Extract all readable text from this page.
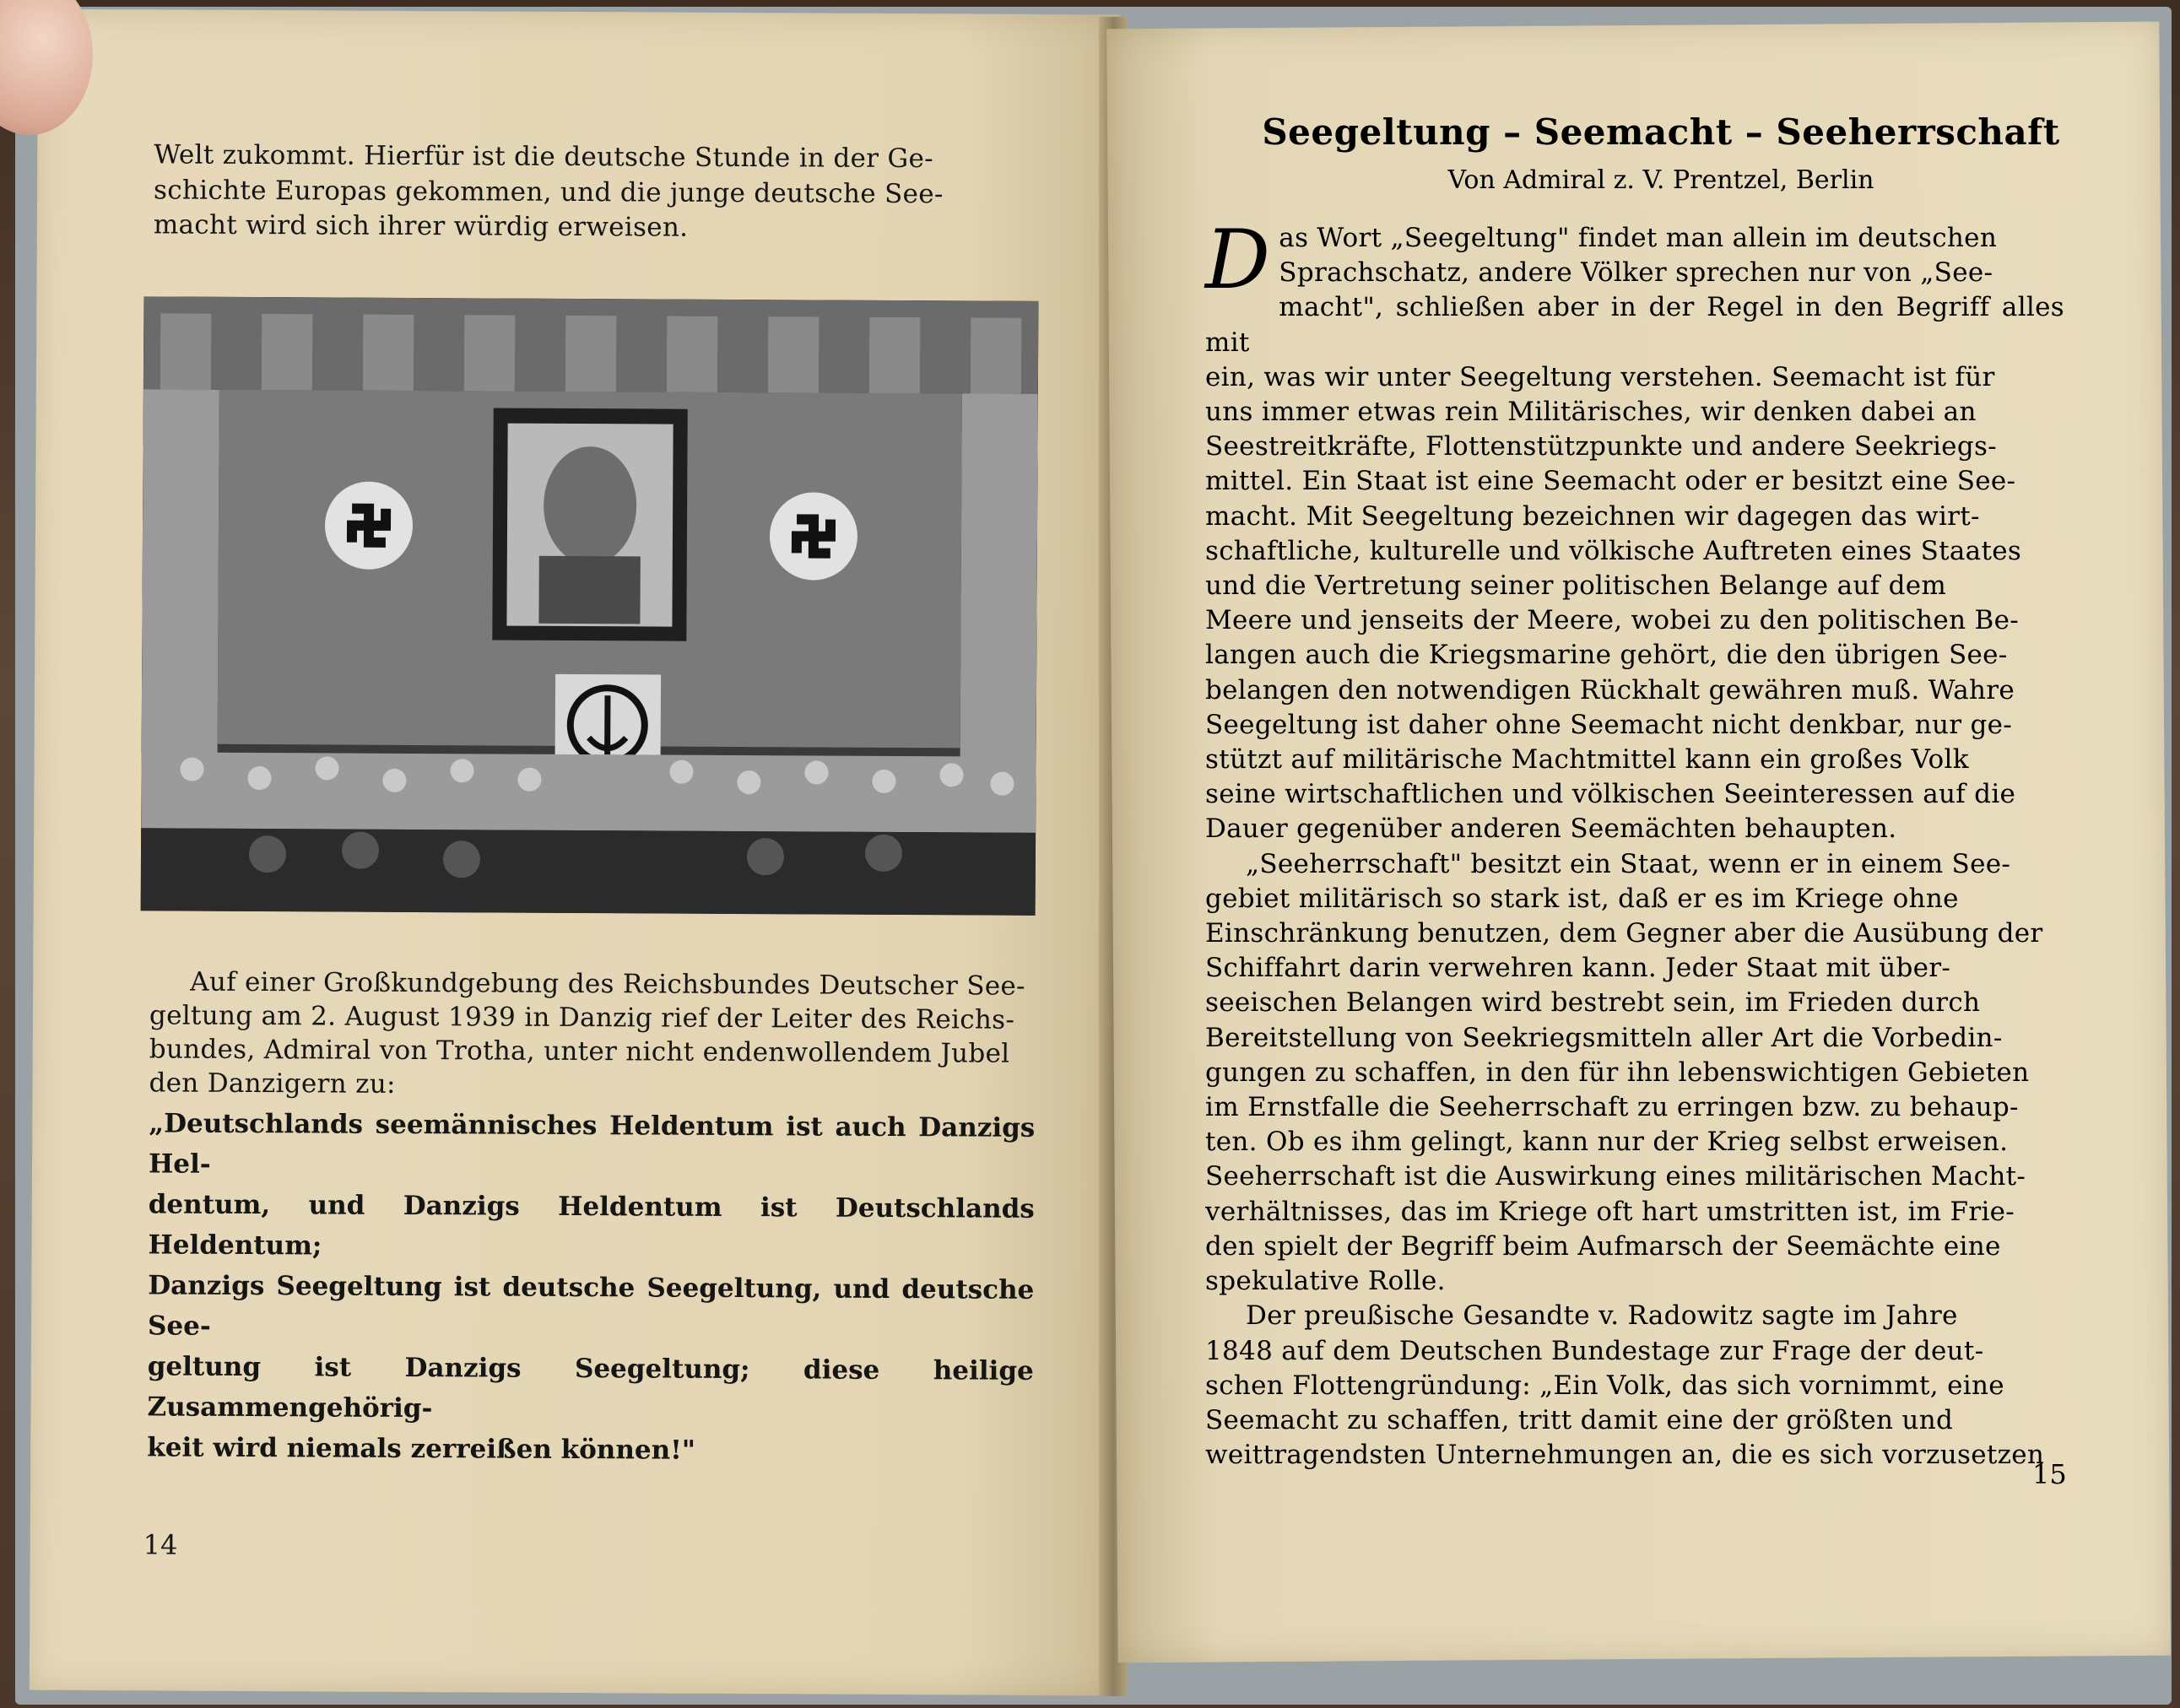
Welt zukommt. Hierfür ist die deutsche Stunde in der Ge-

schichte Europas gekommen, und die junge deutsche See-

macht wird sich ihrer würdig erweisen.

Auf einer Großkundgebung des Reichsbundes Deutscher See-

geltung am 2. August 1939 in Danzig rief der Leiter des Reichs-

bundes, Admiral von Trotha, unter nicht endenwollendem Jubel

den Danzigern zu:

„Deutschlands seemännisches Heldentum ist auch Danzigs Hel-
dentum, und Danzigs Heldentum ist Deutschlands Heldentum;
Danzigs Seegeltung ist deutsche Seegeltung, und deutsche See-
geltung ist Danzigs Seegeltung; diese heilige Zusammengehörig-
keit wird niemals zerreißen können!"
14
Seegeltung – Seemacht – Seeherrschaft
Von Admiral z. V. Prentzel, Berlin
D as Wort „Seegeltung" findet man allein im deutschen

Sprachschatz, andere Völker sprechen nur von „See-

macht", schließen aber in der Regel in den Begriff alles mit

ein, was wir unter Seegeltung verstehen. Seemacht ist für

uns immer etwas rein Militärisches, wir denken dabei an

Seestreitkräfte, Flottenstützpunkte und andere Seekriegs-

mittel. Ein Staat ist eine Seemacht oder er besitzt eine See-

macht. Mit Seegeltung bezeichnen wir dagegen das wirt-

schaftliche, kulturelle und völkische Auftreten eines Staates

und die Vertretung seiner politischen Belange auf dem

Meere und jenseits der Meere, wobei zu den politischen Be-

langen auch die Kriegsmarine gehört, die den übrigen See-

belangen den notwendigen Rückhalt gewähren muß. Wahre

Seegeltung ist daher ohne Seemacht nicht denkbar, nur ge-

stützt auf militärische Machtmittel kann ein großes Volk

seine wirtschaftlichen und völkischen Seeinteressen auf die

Dauer gegenüber anderen Seemächten behaupten.

„Seeherrschaft" besitzt ein Staat, wenn er in einem See-

gebiet militärisch so stark ist, daß er es im Kriege ohne

Einschränkung benutzen, dem Gegner aber die Ausübung der

Schiffahrt darin verwehren kann. Jeder Staat mit über-

seeischen Belangen wird bestrebt sein, im Frieden durch

Bereitstellung von Seekriegsmitteln aller Art die Vorbedin-

gungen zu schaffen, in den für ihn lebenswichtigen Gebieten

im Ernstfalle die Seeherrschaft zu erringen bzw. zu behaup-

ten. Ob es ihm gelingt, kann nur der Krieg selbst erweisen.

Seeherrschaft ist die Auswirkung eines militärischen Macht-

verhältnisses, das im Kriege oft hart umstritten ist, im Frie-

den spielt der Begriff beim Aufmarsch der Seemächte eine

spekulative Rolle.

Der preußische Gesandte v. Radowitz sagte im Jahre

1848 auf dem Deutschen Bundestage zur Frage der deut-

schen Flottengründung: „Ein Volk, das sich vornimmt, eine

Seemacht zu schaffen, tritt damit eine der größten und

weittragendsten Unternehmungen an, die es sich vorzusetzen

15
